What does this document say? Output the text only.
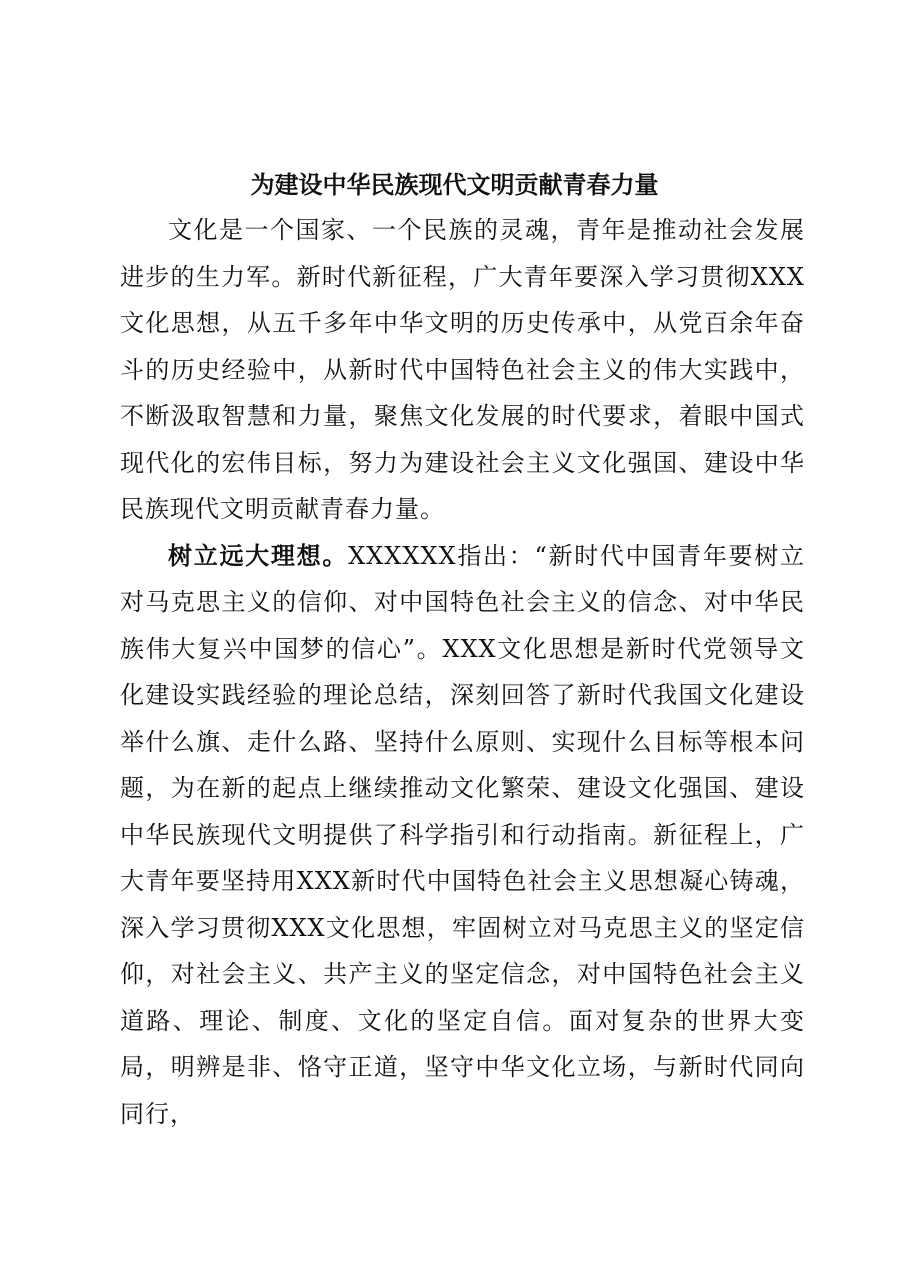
为建设中华民族现代文明贡献青春力量

文化是一个国家、一个民族的灵魂，青年是推动社会发展进步的生力军。新时代新征程，广大青年要深入学习贯彻XXX文化思想，从五千多年中华文明的历史传承中，从党百余年奋斗的历史经验中，从新时代中国特色社会主义的伟大实践中，不断汲取智慧和力量，聚焦文化发展的时代要求，着眼中国式现代化的宏伟目标，努力为建设社会主义文化强国、建设中华民族现代文明贡献青春力量。

树立远大理想。XXXXXX指出：“新时代中国青年要树立对马克思主义的信仰、对中国特色社会主义的信念、对中华民族伟大复兴中国梦的信心”。XXX文化思想是新时代党领导文化建设实践经验的理论总结，深刻回答了新时代我国文化建设举什么旗、走什么路、坚持什么原则、实现什么目标等根本问题，为在新的起点上继续推动文化繁荣、建设文化强国、建设中华民族现代文明提供了科学指引和行动指南。新征程上，广大青年要坚持用XXX新时代中国特色社会主义思想凝心铸魂，深入学习贯彻XXX文化思想，牢固树立对马克思主义的坚定信仰，对社会主义、共产主义的坚定信念，对中国特色社会主义道路、理论、制度、文化的坚定自信。面对复杂的世界大变局，明辨是非、恪守正道，坚守中华文化立场，与新时代同向同行，
